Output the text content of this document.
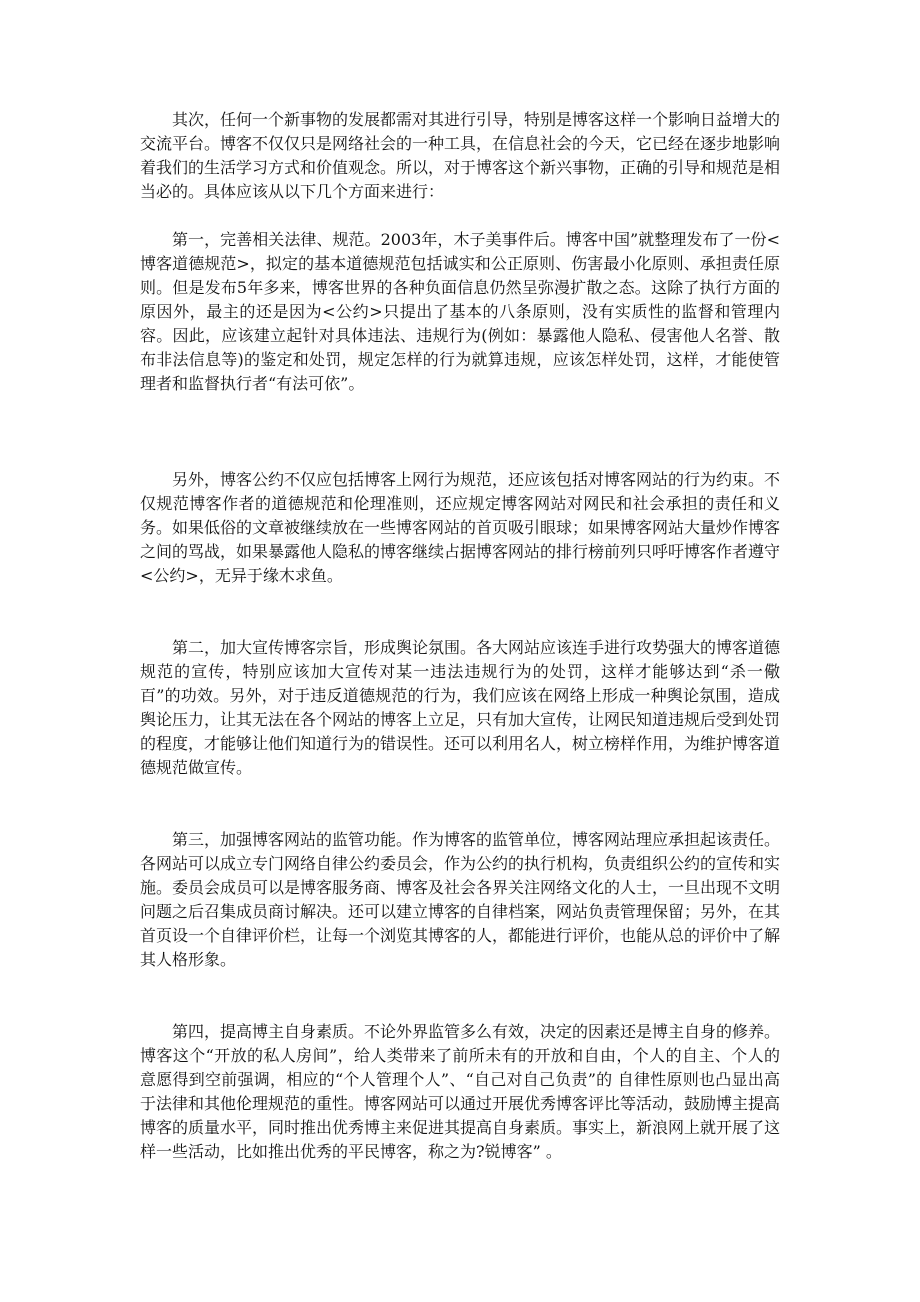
其次，任何一个新事物的发展都需对其进行引导，特别是博客这样一个影响日益增大的交流平台。博客不仅仅只是网络社会的一种工具，在信息社会的今天，它已经在逐步地影响着我们的生活学习方式和价值观念。所以，对于博客这个新兴事物，正确的引导和规范是相当必的。具体应该从以下几个方面来进行：

第一，完善相关法律、规范。2003年，木子美事件后。博客中国”就整理发布了一份<博客道德规范>，拟定的基本道德规范包括诚实和公正原则、伤害最小化原则、承担责任原则。但是发布5年多来，博客世界的各种负面信息仍然呈弥漫扩散之态。这除了执行方面的原因外，最主的还是因为<公约>只提出了基本的八条原则，没有实质性的监督和管理内容。因此，应该建立起针对具体违法、违规行为(例如：暴露他人隐私、侵害他人名誉、散布非法信息等)的鉴定和处罚，规定怎样的行为就算违规，应该怎样处罚，这样，才能使管理者和监督执行者“有法可依”。

另外，博客公约不仅应包括博客上网行为规范，还应该包括对博客网站的行为约束。不仅规范博客作者的道德规范和伦理准则，还应规定博客网站对网民和社会承担的责任和义务。如果低俗的文章被继续放在一些博客网站的首页吸引眼球；如果博客网站大量炒作博客之间的骂战，如果暴露他人隐私的博客继续占据博客网站的排行榜前列只呼吁博客作者遵守<公约>，无异于缘木求鱼。

第二，加大宣传博客宗旨，形成舆论氛围。各大网站应该连手进行攻势强大的博客道德规范的宣传，特别应该加大宣传对某一违法违规行为的处罚，这样才能够达到“杀一儆百”的功效。另外，对于违反道德规范的行为，我们应该在网络上形成一种舆论氛围，造成舆论压力，让其无法在各个网站的博客上立足，只有加大宣传，让网民知道违规后受到处罚的程度，才能够让他们知道行为的错误性。还可以利用名人，树立榜样作用，为维护博客道德规范做宣传。

第三，加强博客网站的监管功能。作为博客的监管单位，博客网站理应承担起该责任。各网站可以成立专门网络自律公约委员会，作为公约的执行机构，负责组织公约的宣传和实施。委员会成员可以是博客服务商、博客及社会各界关注网络文化的人士，一旦出现不文明问题之后召集成员商讨解决。还可以建立博客的自律档案，网站负责管理保留；另外，在其首页设一个自律评价栏，让每一个浏览其博客的人，都能进行评价，也能从总的评价中了解其人格形象。

第四，提高博主自身素质。不论外界监管多么有效，决定的因素还是博主自身的修养。博客这个“开放的私人房间”，给人类带来了前所未有的开放和自由，个人的自主、个人的意愿得到空前强调，相应的“个人管理个人”、“自己对自己负责”的 自律性原则也凸显出高于法律和其他伦理规范的重性。博客网站可以通过开展优秀博客评比等活动，鼓励博主提高博客的质量水平，同时推出优秀博主来促进其提高自身素质。事实上，新浪网上就开展了这样一些活动，比如推出优秀的平民博客，称之为?锐博客” 。
